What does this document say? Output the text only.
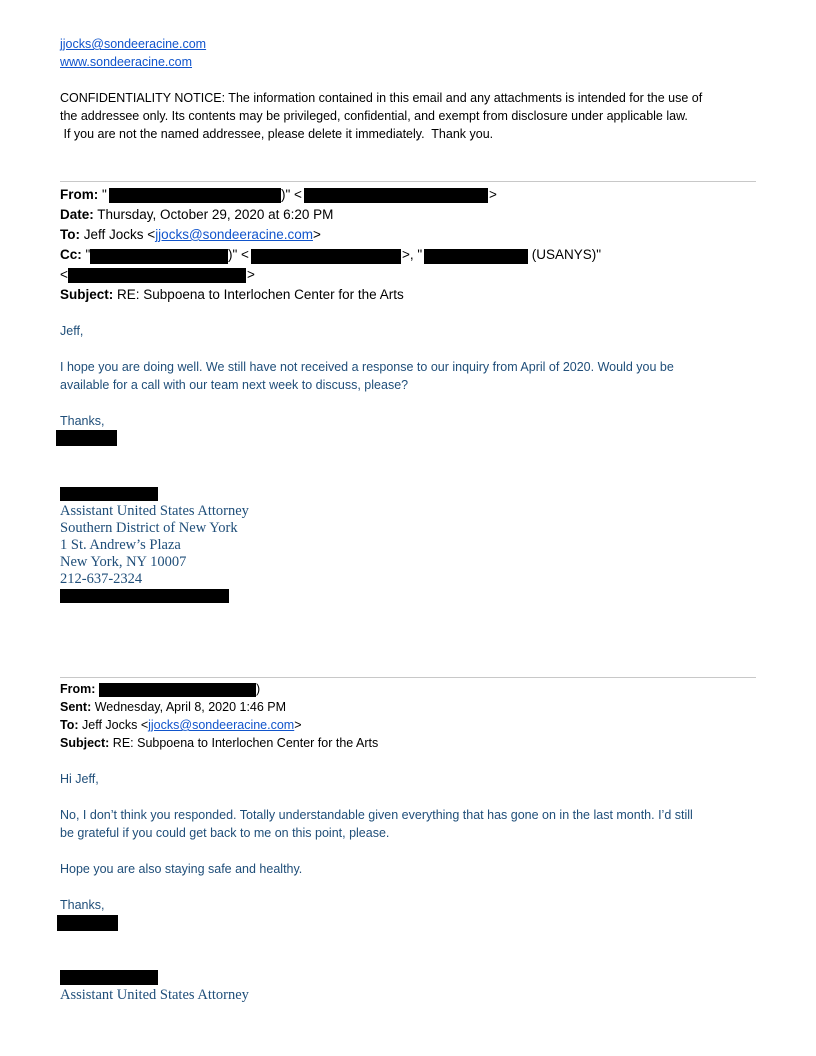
jjocks@sondeeracine.com
www.sondeeracine.com
CONFIDENTIALITY NOTICE: The information contained in this email and any attachments is intended for the use of
the addressee only. Its contents may be privileged, confidential, and exempt from disclosure under applicable law.
If you are not the named addressee, please delete it immediately.  Thank you.
From: "	)" <	>
Date: Thursday, October 29, 2020 at 6:20 PM
To: Jeff Jocks <jjocks@sondeeracine.com>
Cc: "	)" <	>, "	(USANYS)"
<	>
Subject: RE: Subpoena to Interlochen Center for the Arts
Jeff,
I hope you are doing well. We still have not received a response to our inquiry from April of 2020. Would you be
available for a call with our team next week to discuss, please?
Thanks,
Assistant United States Attorney
Southern District of New York
1 St. Andrew’s Plaza
New York, NY 10007
212-637-2324
From:	)
Sent: Wednesday, April 8, 2020 1:46 PM
To: Jeff Jocks <jjocks@sondeeracine.com>
Subject: RE: Subpoena to Interlochen Center for the Arts
Hi Jeff,
No, I don’t think you responded. Totally understandable given everything that has gone on in the last month. I’d still
be grateful if you could get back to me on this point, please.
Hope you are also staying safe and healthy.
Thanks,
Assistant United States Attorney
